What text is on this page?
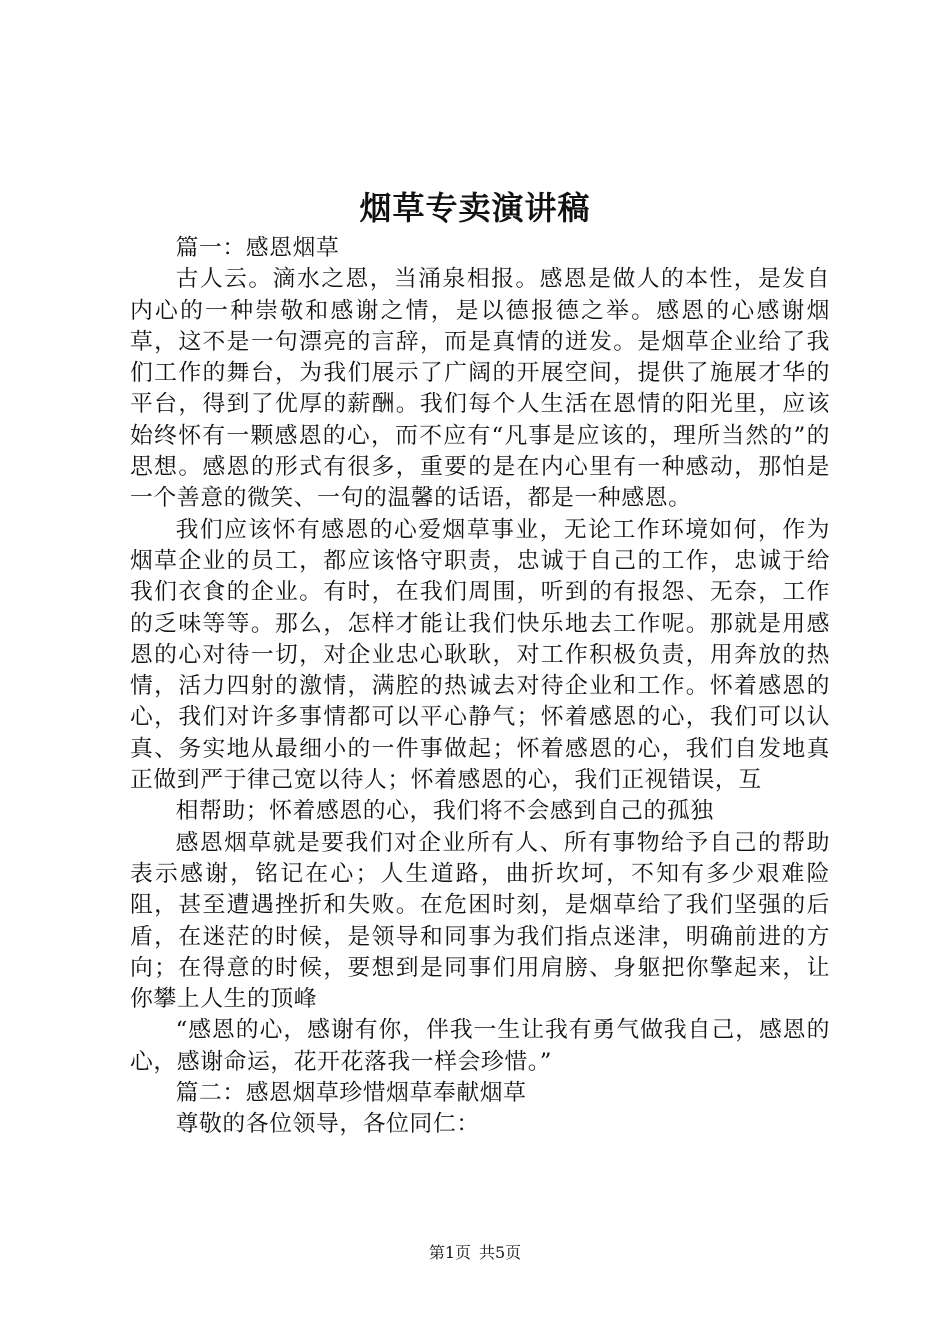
烟草专卖演讲稿

篇一：感恩烟草

古人云。滴水之恩，当涌泉相报。感恩是做人的本性，是发自内心的一种崇敬和感谢之情，是以德报德之举。感恩的心感谢烟草，这不是一句漂亮的言辞，而是真情的迸发。是烟草企业给了我们工作的舞台，为我们展示了广阔的开展空间，提供了施展才华的平台，得到了优厚的薪酬。我们每个人生活在恩情的阳光里，应该始终怀有一颗感恩的心，而不应有“凡事是应该的，理所当然的”的思想。感恩的形式有很多，重要的是在内心里有一种感动，那怕是一个善意的微笑、一句的温馨的话语，都是一种感恩。

我们应该怀有感恩的心爱烟草事业，无论工作环境如何，作为烟草企业的员工，都应该恪守职责，忠诚于自己的工作，忠诚于给我们衣食的企业。有时，在我们周围，听到的有报怨、无奈，工作的乏味等等。那么，怎样才能让我们快乐地去工作呢。那就是用感恩的心对待一切，对企业忠心耿耿，对工作积极负责，用奔放的热情，活力四射的激情，满腔的热诚去对待企业和工作。怀着感恩的心，我们对许多事情都可以平心静气；怀着感恩的心，我们可以认真、务实地从最细小的一件事做起；怀着感恩的心，我们自发地真正做到严于律己宽以待人；怀着感恩的心，我们正视错误，互

相帮助；怀着感恩的心，我们将不会感到自己的孤独

感恩烟草就是要我们对企业所有人、所有事物给予自己的帮助表示感谢，铭记在心；人生道路，曲折坎坷，不知有多少艰难险阻，甚至遭遇挫折和失败。在危困时刻，是烟草给了我们坚强的后盾，在迷茫的时候，是领导和同事为我们指点迷津，明确前进的方向；在得意的时候，要想到是同事们用肩膀、身躯把你擎起来，让你攀上人生的顶峰

“感恩的心，感谢有你，伴我一生让我有勇气做我自己，感恩的心，感谢命运，花开花落我一样会珍惜。”

篇二：感恩烟草珍惜烟草奉献烟草

尊敬的各位领导，各位同仁：

第1页 共5页
